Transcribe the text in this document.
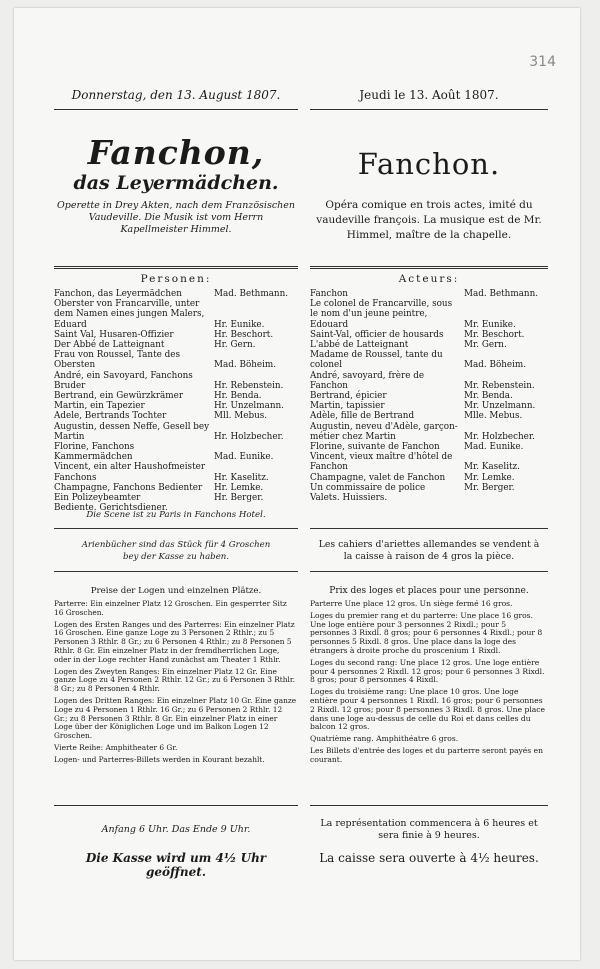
314
Donnerstag, den 13. August 1807.
Fanchon,
das Leyermädchen.
Operette in Drey Akten, nach dem Französischen Vaudeville. Die Musik ist vom Herrn Kapellmeister Himmel.
Personen:
Fanchon, das Leyermädchen	Mad. Bethmann.
Oberster von Francarville, unter dem Namen eines jungen Malers, Eduard	Hr. Eunike.
Saint Val, Husaren-Offizier	Hr. Beschort.
Der Abbé de Latteignant	Hr. Gern.
Frau von Roussel, Tante des Obersten	Mad. Böheim.
André, ein Savoyard, Fanchons Bruder	Hr. Rebenstein.
Bertrand, ein Gewürzkrämer	Hr. Benda.
Martin, ein Tapezier	Hr. Unzelmann.
Adele, Bertrands Tochter	Mll. Mebus.
Augustin, dessen Neffe, Gesell bey Martin	Hr. Holzbecher.
Florine, Fanchons Kammermädchen	Mad. Eunike.
Vincent, ein alter Haushofmeister Fanchons	Hr. Kaselitz.
Champagne, Fanchons Bedienter	Hr. Lemke.
Ein Polizeybeamter	Hr. Berger.
Bediente. Gerichtsdiener.	
Die Scene ist zu Paris in Fanchons Hotel.
Arienbücher sind das Stück für 4 Groschen bey der Kasse zu haben.
Preise der Logen und einzelnen Plätze.

Parterre: Ein einzelner Platz 12 Groschen. Ein gesperrter Sitz 16 Groschen.

Logen des Ersten Ranges und des Parterres: Ein einzelner Platz 16 Groschen. Eine ganze Loge zu 3 Personen 2 Rthlr.; zu 5 Personen 3 Rthlr. 8 Gr.; zu 6 Personen 4 Rthlr.; zu 8 Personen 5 Rthlr. 8 Gr. Ein einzelner Platz in der fremdherrlichen Loge, oder in der Loge rechter Hand zunächst am Theater 1 Rthlr.

Logen des Zweyten Ranges: Ein einzelner Platz 12 Gr. Eine ganze Loge zu 4 Personen 2 Rthlr. 12 Gr.; zu 6 Personen 3 Rthlr. 8 Gr.; zu 8 Personen 4 Rthlr.

Logen des Dritten Ranges: Ein einzelner Platz 10 Gr. Eine ganze Loge zu 4 Personen 1 Rthlr. 16 Gr.; zu 6 Personen 2 Rthlr. 12 Gr.; zu 8 Personen 3 Rthlr. 8 Gr. Ein einzelner Platz in einer Loge über der Königlichen Loge und im Balkon Logen 12 Groschen.

Vierte Reihe: Amphitheater 6 Gr.

Logen- und Parterres-Billets werden in Kourant bezahlt.

Anfang 6 Uhr. Das Ende 9 Uhr.
Die Kasse wird um 4½ Uhr geöffnet.
Jeudi le 13. Août 1807.
Fanchon.
Opéra comique en trois actes, imité du vaudeville françois. La musique est de Mr. Himmel, maître de la chapelle.
Acteurs:
Fanchon	Mad. Bethmann.
Le colonel de Francarville, sous le nom d'un jeune peintre, Edouard	Mr. Eunike.
Saint-Val, officier de housards	Mr. Beschort.
L'abbé de Latteignant	Mr. Gern.
Madame de Roussel, tante du colonel	Mad. Böheim.
André, savoyard, frère de Fanchon	Mr. Rebenstein.
Bertrand, épicier	Mr. Benda.
Martin, tapissier	Mr. Unzelmann.
Adèle, fille de Bertrand	Mlle. Mebus.
Augustin, neveu d'Adèle, garçon-métier chez Martin	Mr. Holzbecher.
Florine, suivante de Fanchon	Mad. Eunike.
Vincent, vieux maître d'hôtel de Fanchon	Mr. Kaselitz.
Champagne, valet de Fanchon	Mr. Lemke.
Un commissaire de police	Mr. Berger.
Valets. Huissiers.	
Les cahiers d'ariettes allemandes se vendent à la caisse à raison de 4 gros la pièce.
Prix des loges et places pour une personne.

Parterre Une place 12 gros. Un siège fermé 16 gros.

Loges du premier rang et du parterre: Une place 16 gros. Une loge entière pour 3 personnes 2 Rixdl.; pour 5 personnes 3 Rixdl. 8 gros; pour 6 personnes 4 Rixdl.; pour 8 personnes 5 Rixdl. 8 gros. Une place dans la loge des étrangers à droite proche du proscenium 1 Rixdl.

Loges du second rang: Une place 12 gros. Une loge entière pour 4 personnes 2 Rixdl. 12 gros; pour 6 personnes 3 Rixdl. 8 gros; pour 8 personnes 4 Rixdl.

Loges du troisième rang: Une place 10 gros. Une loge entière pour 4 personnes 1 Rixdl. 16 gros; pour 6 personnes 2 Rixdl. 12 gros; pour 8 personnes 3 Rixdl. 8 gros. Une place dans une loge au-dessus de celle du Roi et dans celles du balcon 12 gros.

Quatrième rang. Amphithéatre 6 gros.

Les Billets d'entrée des loges et du parterre seront payés en courant.

La représentation commencera à 6 heures et sera finie à 9 heures.
La caisse sera ouverte à 4½ heures.
